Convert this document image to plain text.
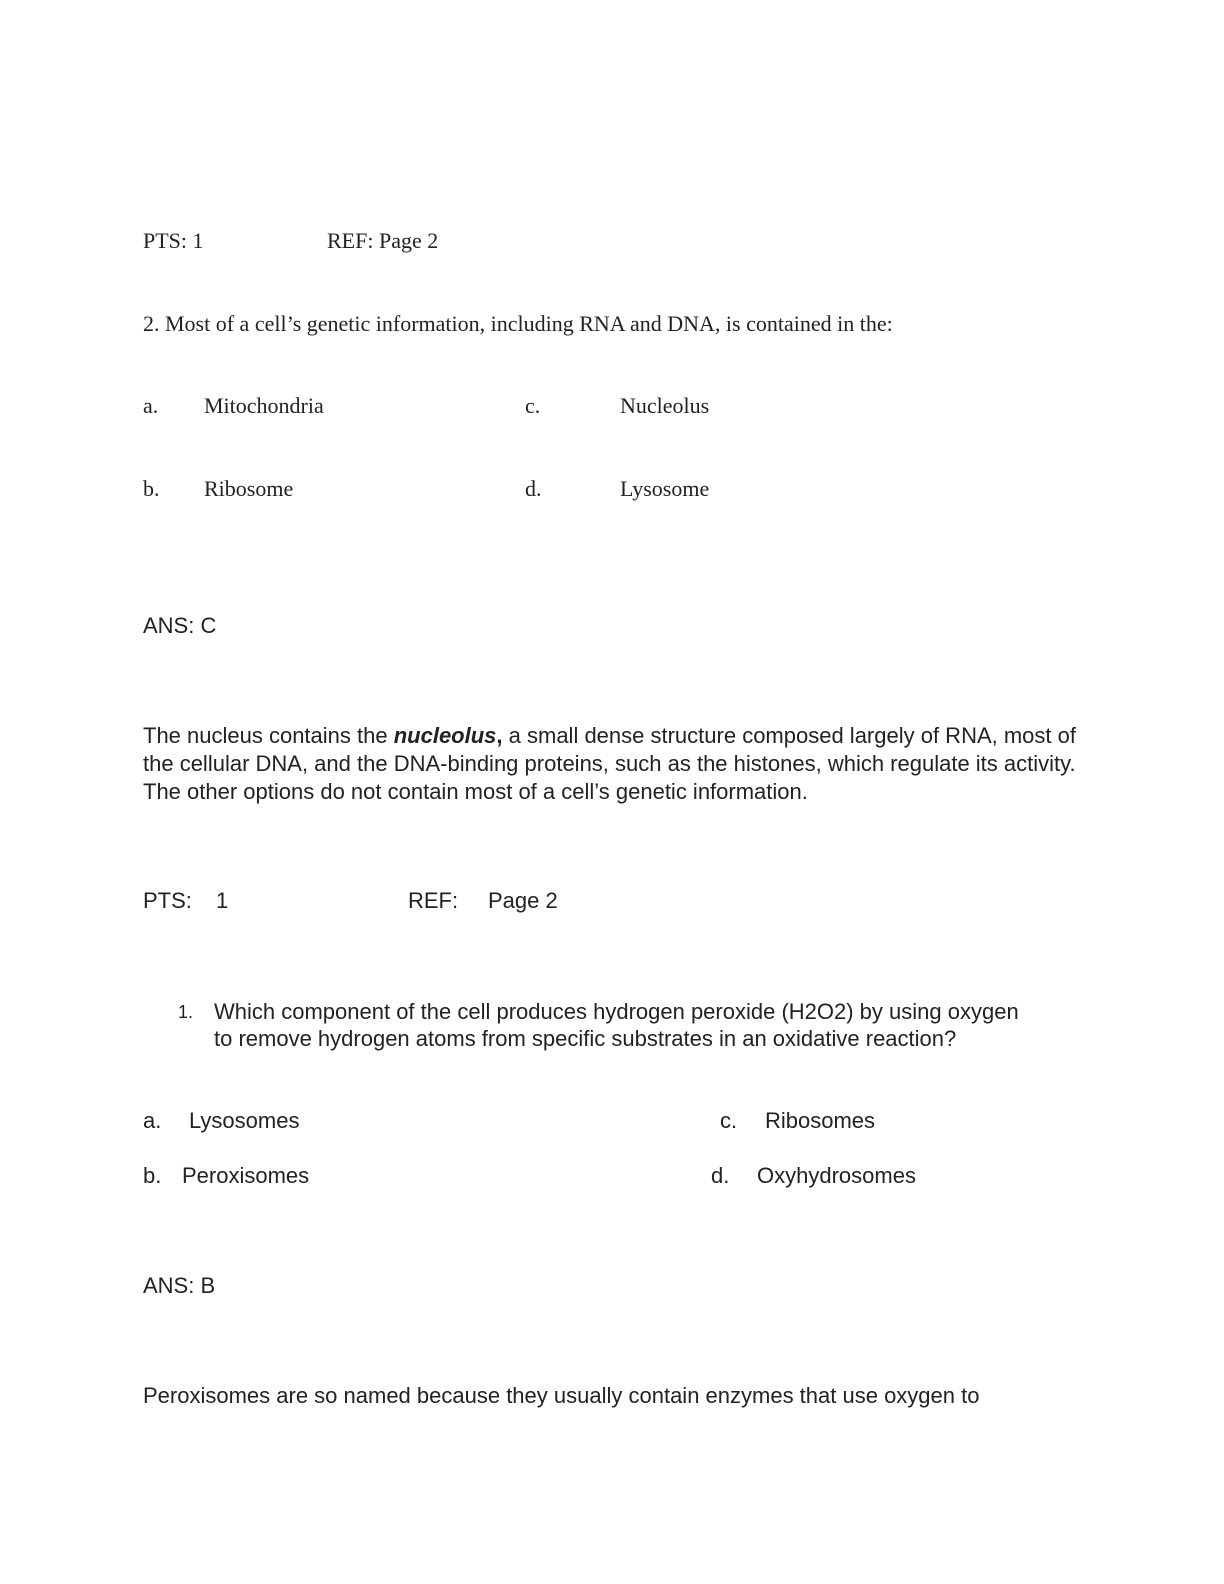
PTS: 1	REF: Page 2
2. Most of a cell’s genetic information, including RNA and DNA, is contained in the:
a. Mitochondria	c.	Nucleolus
b. Ribosome	d.	Lysosome
ANS: C
The nucleus contains the nucleolus, a small dense structure composed largely of RNA, most of the cellular DNA, and the DNA-binding proteins, such as the histones, which regulate its activity. The other options do not contain most of a cell’s genetic information.
PTS: 1	REF: Page 2
1. Which component of the cell produces hydrogen peroxide (H2O2) by using oxygen to remove hydrogen atoms from specific substrates in an oxidative reaction?
a. Lysosomes	c. Ribosomes
b. Peroxisomes	d. Oxyhydrosomes
ANS: B
Peroxisomes are so named because they usually contain enzymes that use oxygen to
